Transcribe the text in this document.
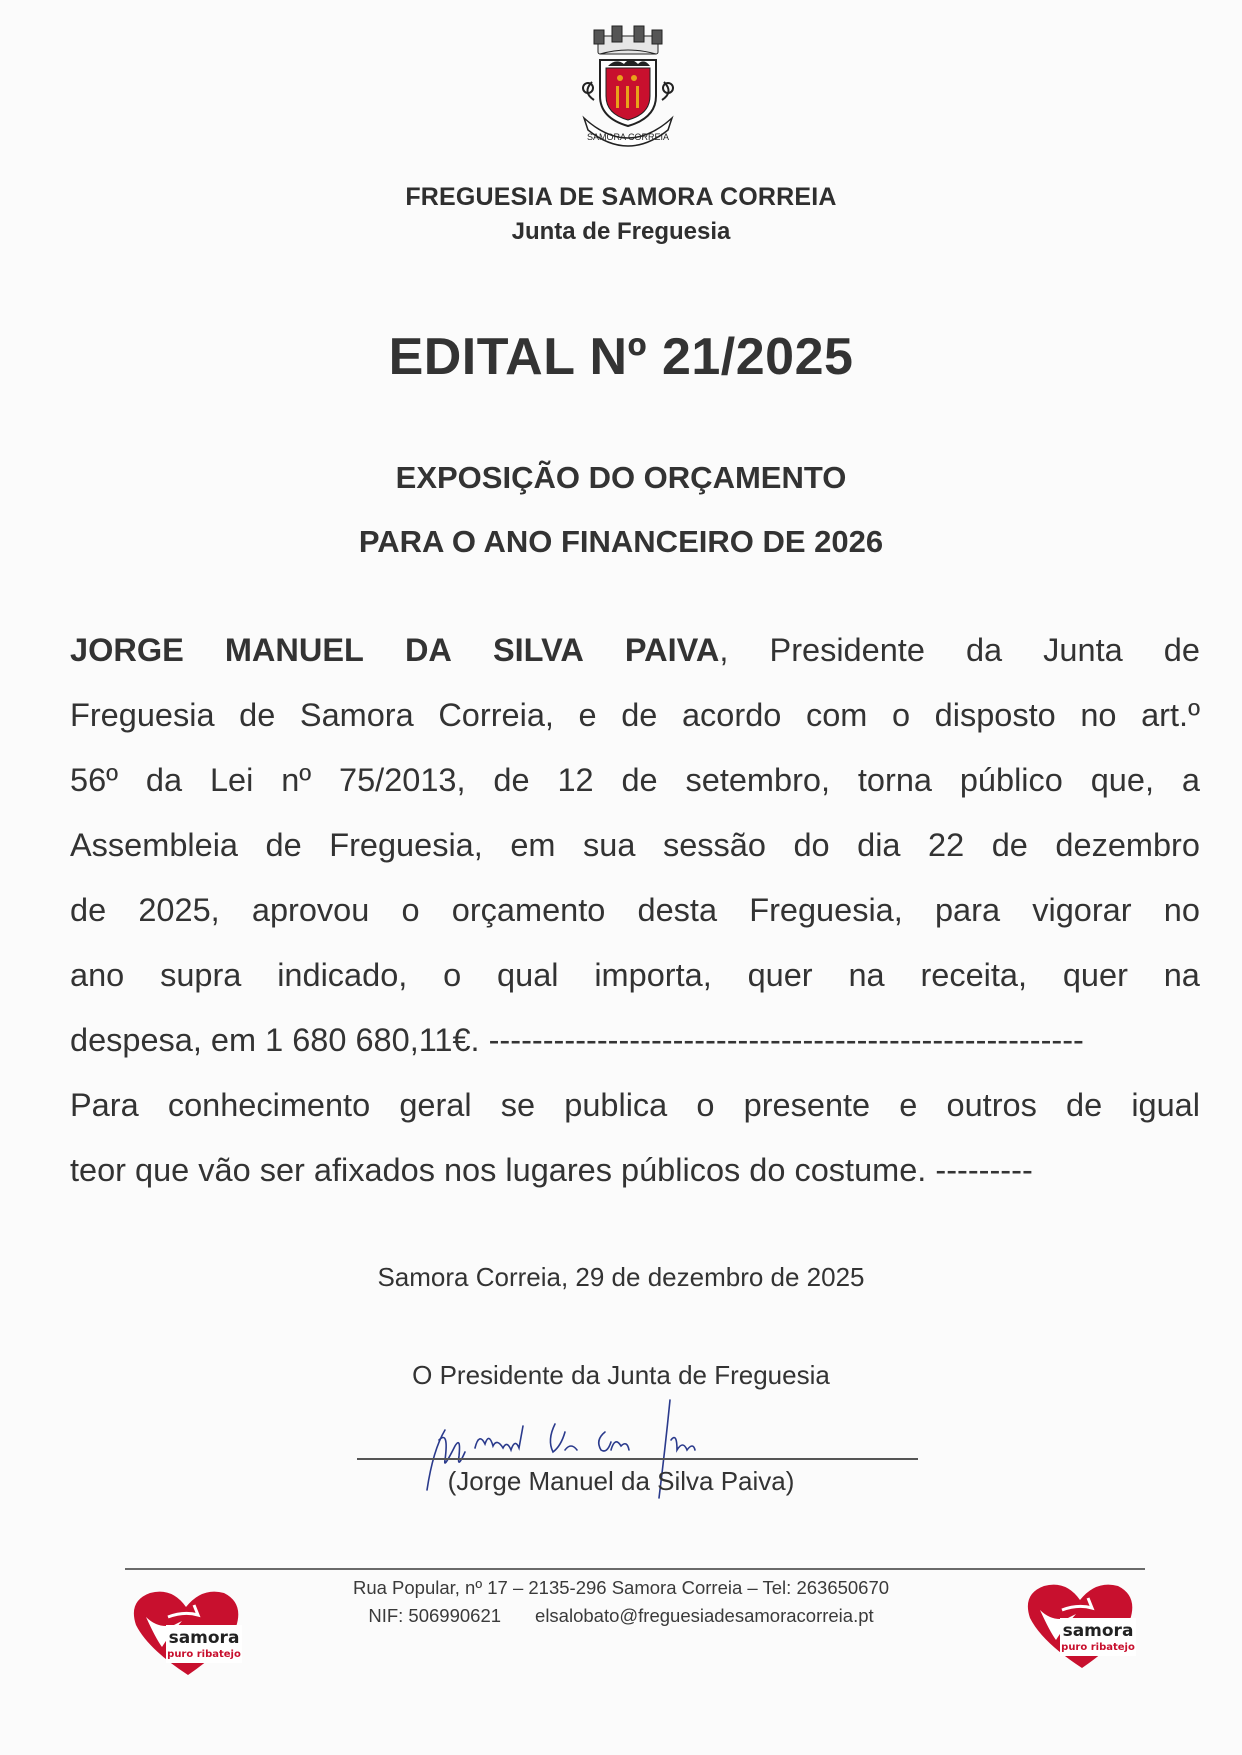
SAMORA CORREIA
FREGUESIA DE SAMORA CORREIA
Junta de Freguesia
EDITAL Nº 21/2025
EXPOSIÇÃO DO ORÇAMENTO
PARA O ANO FINANCEIRO DE 2026
JORGE MANUEL DA SILVA PAIVA, Presidente da Junta de
Freguesia de Samora Correia, e de acordo com o disposto no art.º
56º da Lei nº 75/2013, de 12 de setembro, torna público que, a
Assembleia de Freguesia, em sua sessão do dia 22 de dezembro
de 2025, aprovou o orçamento desta Freguesia, para vigorar no
ano supra indicado, o qual importa, quer na receita, quer na
despesa, em 1 680 680,11€. -------------------------------------------------------
Para conhecimento geral se publica o presente e outros de igual
teor que vão ser afixados nos lugares públicos do costume. ---------
Samora Correia, 29 de dezembro de 2025
O Presidente da Junta de Freguesia
(Jorge Manuel da Silva Paiva)
samora
puro ribatejo
Rua Popular, nº 17 – 2135-296 Samora Correia – Tel: 263650670
NIF: 506990621 elsalobato@freguesiadesamoracorreia.pt
samora
puro ribatejo
